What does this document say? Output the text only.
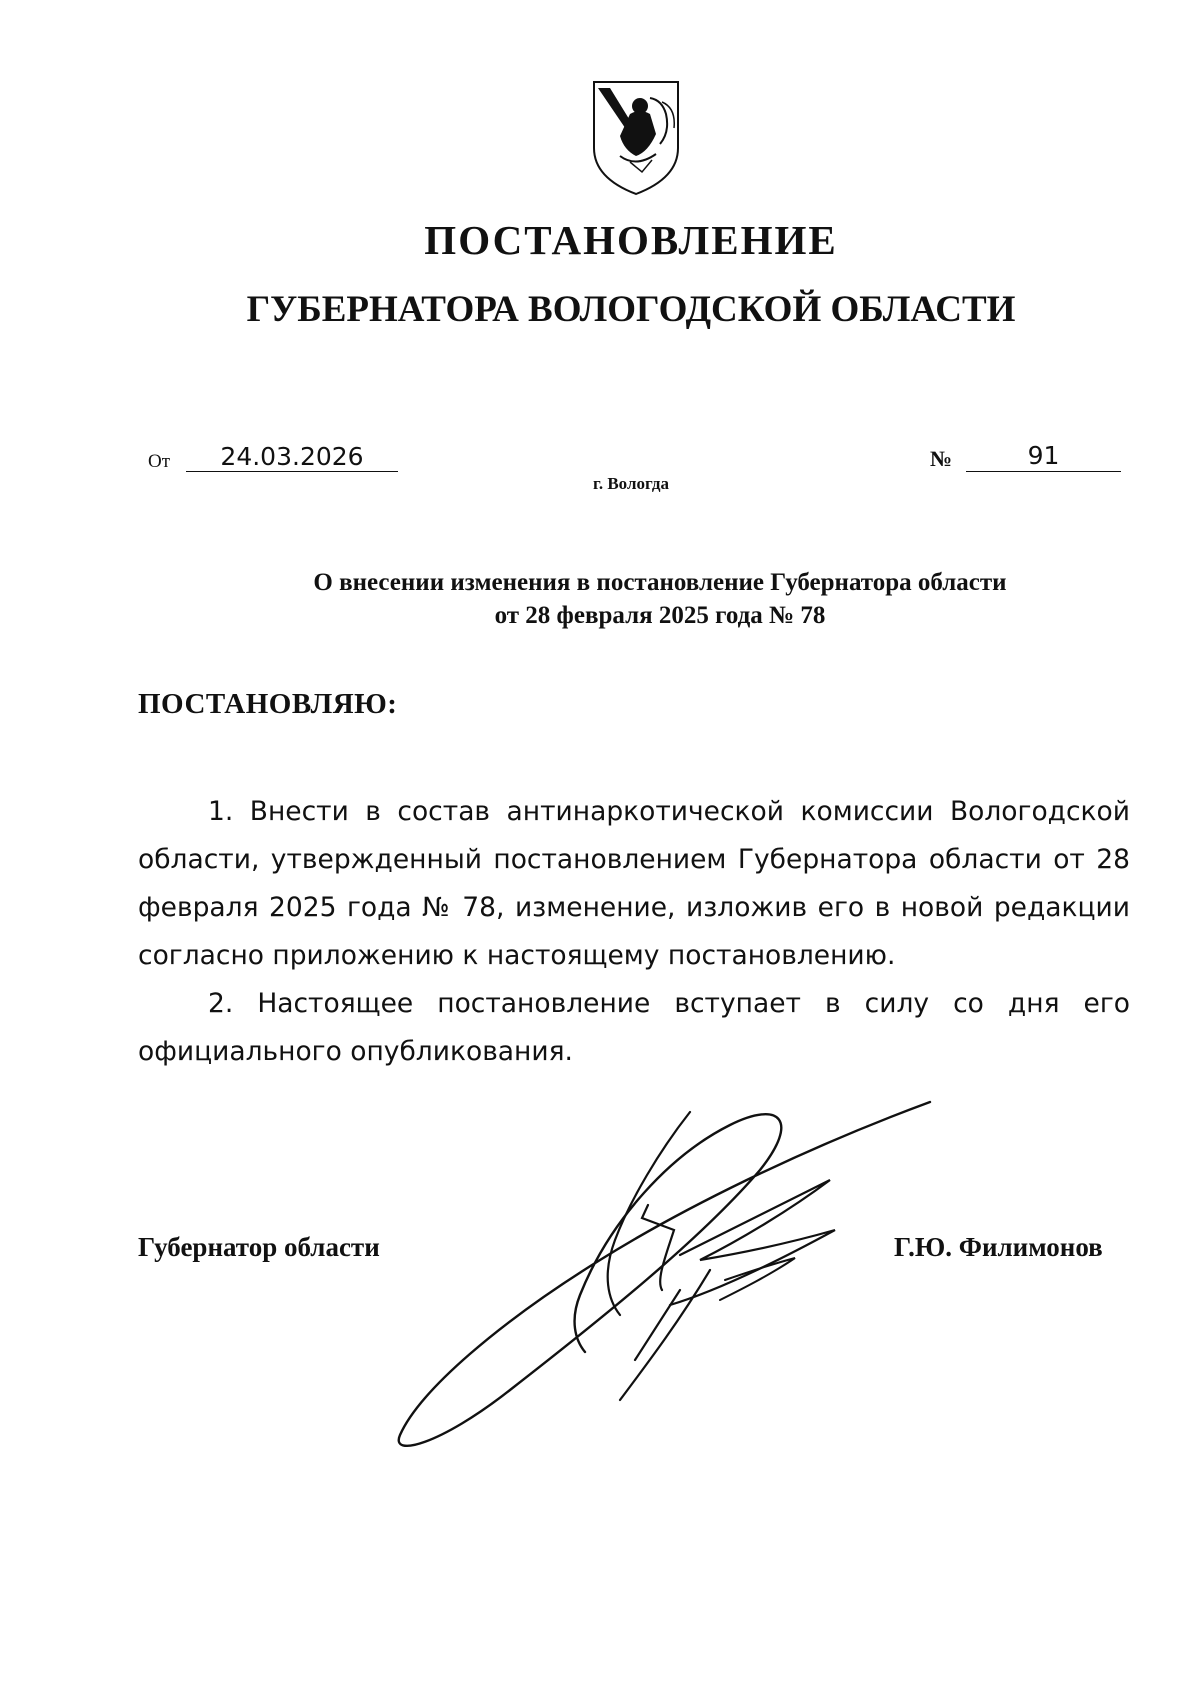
ПОСТАНОВЛЕНИЕ
ГУБЕРНАТОРА ВОЛОГОДСКОЙ ОБЛАСТИ
От	24.03.2026	№	91
г. Вологда
О внесении изменения в постановление Губернатора области
от 28 февраля 2025 года № 78
ПОСТАНОВЛЯЮ:

1. Внести в состав антинаркотической комиссии Вологодской области, утвержденный постановлением Губернатора области от 28 февраля 2025 года № 78, изменение, изложив его в новой редакции согласно приложению к настоящему постановлению.

2. Настоящее постановление вступает в силу со дня его официального опубликования.

Губернатор области	Г.Ю. Филимонов
